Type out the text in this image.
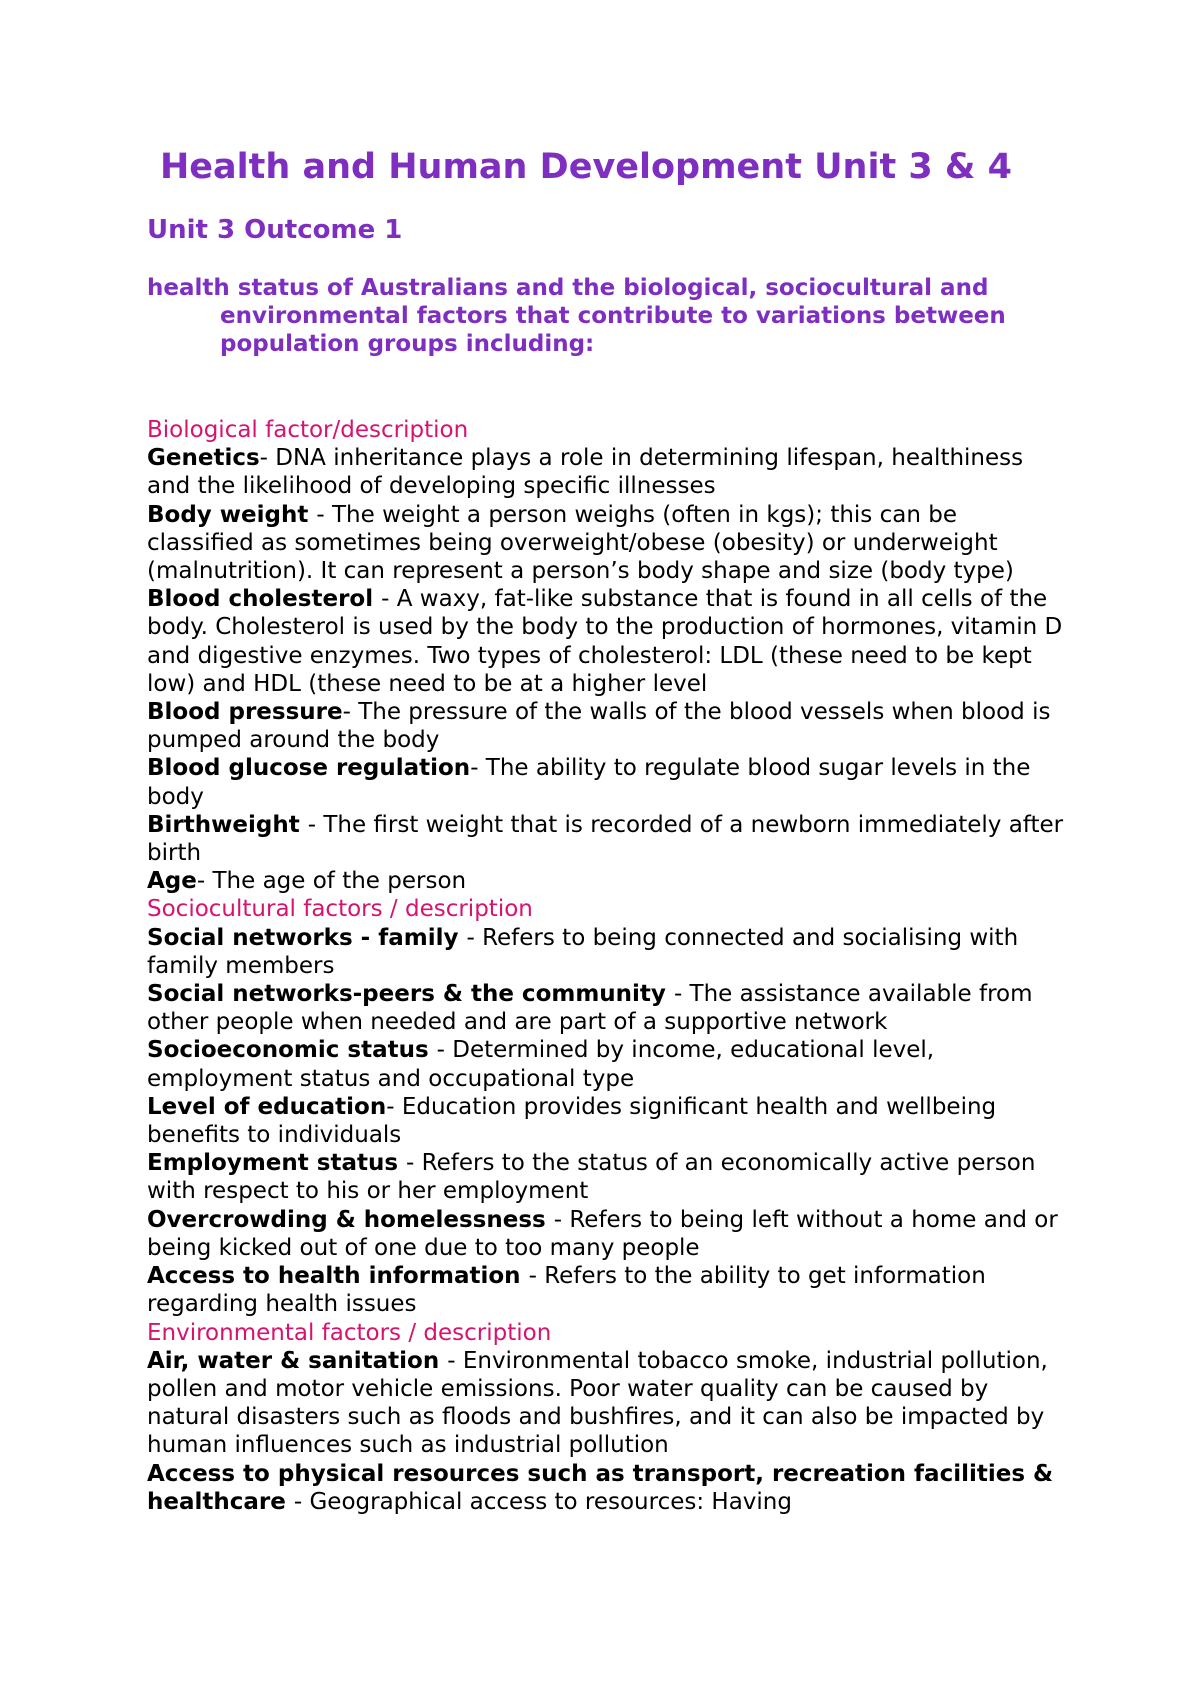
Health and Human Development Unit 3 & 4
Unit 3 Outcome 1

health status of Australians and the biological, sociocultural and environmental factors that contribute to variations between population groups including:

Biological factor/description

Genetics- DNA inheritance plays a role in determining lifespan, healthiness and the likelihood of developing specific illnesses

Body weight - The weight a person weighs (often in kgs); this can be classified as sometimes being overweight/obese (obesity) or underweight (malnutrition). It can represent a person’s body shape and size (body type)

Blood cholesterol - A waxy, fat-like substance that is found in all cells of the body. Cholesterol is used by the body to the production of hormones, vitamin D and digestive enzymes. Two types of cholesterol: LDL (these need to be kept low) and HDL (these need to be at a higher level

Blood pressure- The pressure of the walls of the blood vessels when blood is pumped around the body

Blood glucose regulation- The ability to regulate blood sugar levels in the body

Birthweight - The first weight that is recorded of a newborn immediately after birth

Age- The age of the person

Sociocultural factors / description

Social networks - family - Refers to being connected and socialising with family members

Social networks-peers & the community - The assistance available from other people when needed and are part of a supportive network

Socioeconomic status - Determined by income, educational level, employment status and occupational type

Level of education- Education provides significant health and wellbeing benefits to individuals

Employment status - Refers to the status of an economically active person with respect to his or her employment

Overcrowding & homelessness - Refers to being left without a home and or being kicked out of one due to too many people

Access to health information - Refers to the ability to get information regarding health issues

Environmental factors / description

Air, water & sanitation - Environmental tobacco smoke, industrial pollution, pollen and motor vehicle emissions. Poor water quality can be caused by natural disasters such as floods and bushfires, and it can also be impacted by human influences such as industrial pollution

Access to physical resources such as transport, recreation facilities & healthcare - Geographical access to resources: Having
